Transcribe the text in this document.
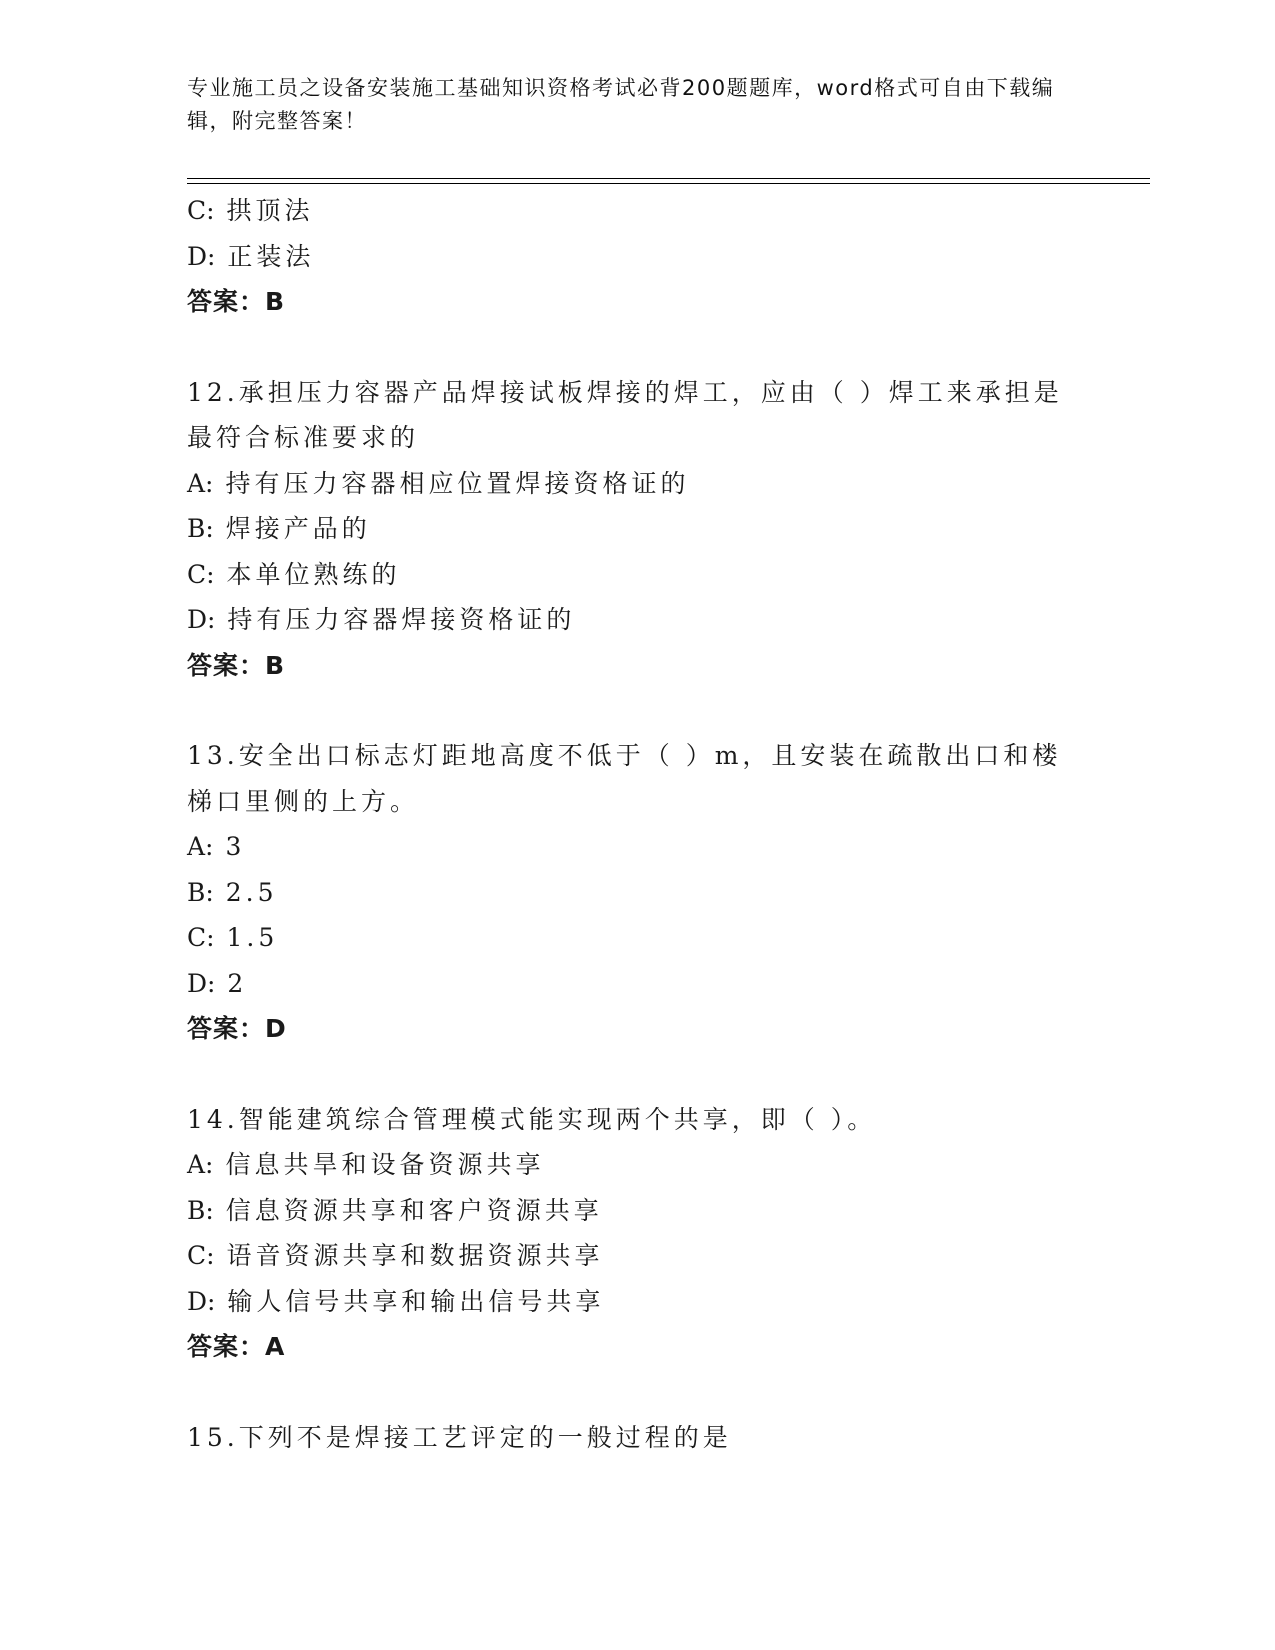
专业施工员之设备安装施工基础知识资格考试必背200题题库，word格式可自由下载编辑，附完整答案！
C: 拱顶法
D: 正装法
答案：B
12.承担压力容器产品焊接试板焊接的焊工，应由（ ）焊工来承担是最符合标准要求的
A: 持有压力容器相应位置焊接资格证的
B: 焊接产品的
C: 本单位熟练的
D: 持有压力容器焊接资格证的
答案：B
13.安全出口标志灯距地高度不低于（ ）m，且安装在疏散出口和楼梯口里侧的上方。
A: 3
B: 2.5
C: 1.5
D: 2
答案：D
14.智能建筑综合管理模式能实现两个共享，即（ ）。
A: 信息共旱和设备资源共享
B: 信息资源共享和客户资源共享
C: 语音资源共享和数据资源共享
D: 输人信号共享和输出信号共享
答案：A
15.下列不是焊接工艺评定的一般过程的是
